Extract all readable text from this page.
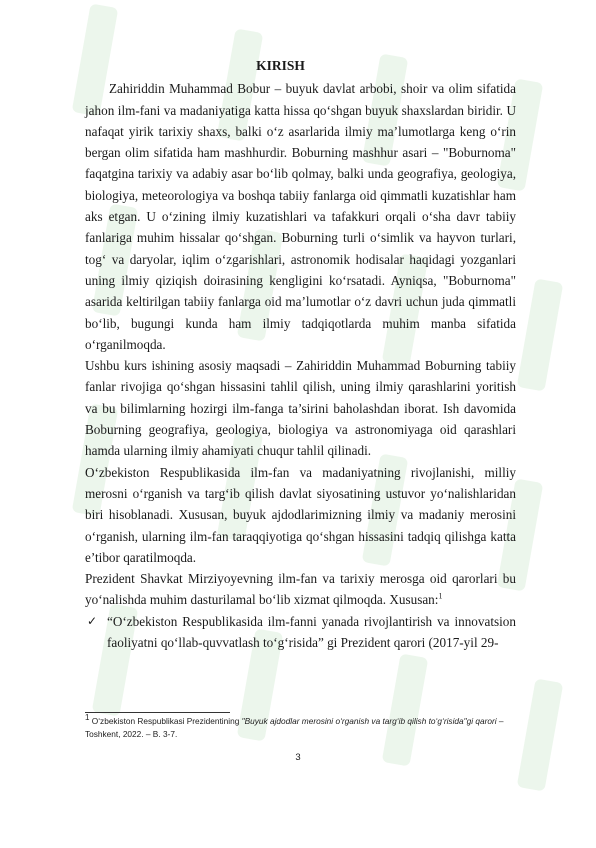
KIRISH

Zahiriddin Muhammad Bobur – buyuk davlat arbobi, shoir va olim sifatida jahon ilm-fani va madaniyatiga katta hissa qo‘shgan buyuk shaxslardan biridir. U nafaqat yirik tarixiy shaxs, balki o‘z asarlarida ilmiy ma’lumotlarga keng o‘rin bergan olim sifatida ham mashhurdir. Boburning mashhur asari – "Boburnoma" faqatgina tarixiy va adabiy asar bo‘lib qolmay, balki unda geografiya, geologiya, biologiya, meteorologiya va boshqa tabiiy fanlarga oid qimmatli kuzatishlar ham aks etgan. U o‘zining ilmiy kuzatishlari va tafakkuri orqali o‘sha davr tabiiy fanlariga muhim hissalar qo‘shgan. Boburning turli o‘simlik va hayvon turlari, tog‘ va daryolar, iqlim o‘zgarishlari, astronomik hodisalar haqidagi yozganlari uning ilmiy qiziqish doirasining kengligini ko‘rsatadi. Ayniqsa, "Boburnoma" asarida keltirilgan tabiiy fanlarga oid ma’lumotlar o‘z davri uchun juda qimmatli bo‘lib, bugungi kunda ham ilmiy tadqiqotlarda muhim manba sifatida o‘rganilmoqda.

Ushbu kurs ishining asosiy maqsadi – Zahiriddin Muhammad Boburning tabiiy fanlar rivojiga qo‘shgan hissasini tahlil qilish, uning ilmiy qarashlarini yoritish va bu bilimlarning hozirgi ilm-fanga ta’sirini baholashdan iborat. Ish davomida Boburning geografiya, geologiya, biologiya va astronomiyaga oid qarashlari hamda ularning ilmiy ahamiyati chuqur tahlil qilinadi.

O‘zbekiston Respublikasida ilm-fan va madaniyatning rivojlanishi, milliy merosni o‘rganish va targ‘ib qilish davlat siyosatining ustuvor yo‘nalishlaridan biri hisoblanadi. Xususan, buyuk ajdodlarimizning ilmiy va madaniy merosini o‘rganish, ularning ilm-fan taraqqiyotiga qo‘shgan hissasini tadqiq qilishga katta e’tibor qaratilmoqda.

Prezident Shavkat Mirziyoyevning ilm-fan va tarixiy merosga oid qarorlari bu yo‘nalishda muhim dasturilamal bo‘lib xizmat qilmoqda. Xususan:$^1$

✓ “O‘zbekiston Respublikasida ilm-fanni yanada rivojlantirish va innovatsion faoliyatni qo‘llab-quvvatlash to‘g‘risida” gi Prezident qarori (2017-yil 29-
$^1$ O‘zbekiston Respublikasi Prezidentining "Buyuk ajdodlar merosini o‘rganish va targ‘ib qilish to‘g‘risida"gi qarori – Toshkent, 2022. – B. 3-7.
3
